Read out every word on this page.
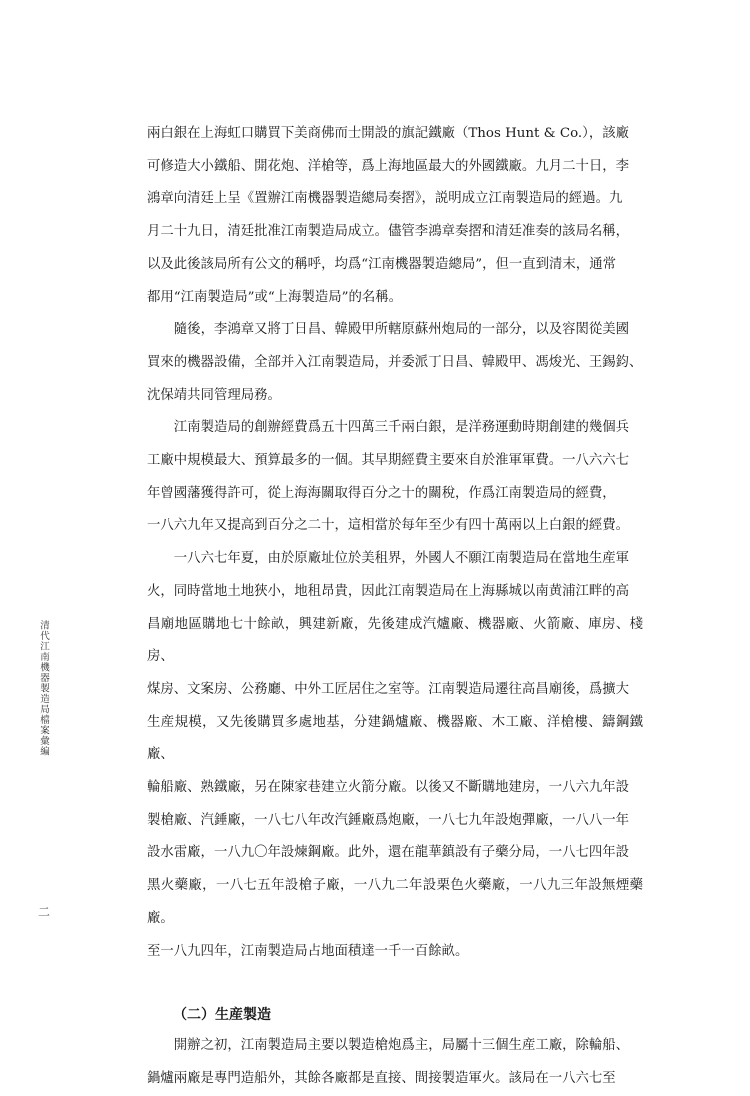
兩白銀在上海虹口購買下美商佛而士開設的旗記鐵廠（Thos Hunt & Co.），該廠
可修造大小鐵船、開花炮、洋槍等，爲上海地區最大的外國鐵廠。九月二十日，李
鴻章向清廷上呈《置辦江南機器製造總局奏摺》，説明成立江南製造局的經過。九
月二十九日，清廷批准江南製造局成立。儘管李鴻章奏摺和清廷准奏的該局名稱，
以及此後該局所有公文的稱呼，均爲“江南機器製造總局”，但一直到清末，通常
都用“江南製造局”或“上海製造局”的名稱。

隨後，李鴻章又將丁日昌、韓殿甲所轄原蘇州炮局的一部分，以及容閎從美國
買來的機器設備，全部并入江南製造局，并委派丁日昌、韓殿甲、馮焌光、王錫鈞、
沈保靖共同管理局務。

江南製造局的創辦經費爲五十四萬三千兩白銀，是洋務運動時期創建的幾個兵
工廠中規模最大、預算最多的一個。其早期經費主要來自於淮軍軍費。一八六六七
年曾國藩獲得許可，從上海海關取得百分之十的關稅，作爲江南製造局的經費，
一八六九年又提高到百分之二十，這相當於每年至少有四十萬兩以上白銀的經費。

一八六七年夏，由於原廠址位於美租界，外國人不願江南製造局在當地生産軍
火，同時當地土地狹小，地租昂貴，因此江南製造局在上海縣城以南黄浦江畔的高
昌廟地區購地七十餘畝，興建新廠，先後建成汽爐廠、機器廠、火箭廠、庫房、棧房、
煤房、文案房、公務廳、中外工匠居住之室等。江南製造局遷往高昌廟後，爲擴大
生産規模，又先後購買多處地基，分建鍋爐廠、機器廠、木工廠、洋槍樓、鑄鋼鐵廠、
輪船廠、熟鐵廠，另在陳家巷建立火箭分廠。以後又不斷購地建房，一八六九年設
製槍廠、汽錘廠，一八七八年改汽錘廠爲炮廠，一八七九年設炮彈廠，一八八一年
設水雷廠，一八九〇年設煉鋼廠。此外，還在龍華鎮設有子藥分局，一八七四年設
黑火藥廠，一八七五年設槍子廠，一八九二年設栗色火藥廠，一八九三年設無煙藥廠。
至一八九四年，江南製造局占地面積達一千一百餘畝。

（二）生産製造

開辦之初，江南製造局主要以製造槍炮爲主，局屬十三個生産工廠，除輪船、
鍋爐兩廠是專門造船外，其餘各廠都是直接、間接製造軍火。該局在一八六七至

清代江南機器製造局檔案彙編
二
